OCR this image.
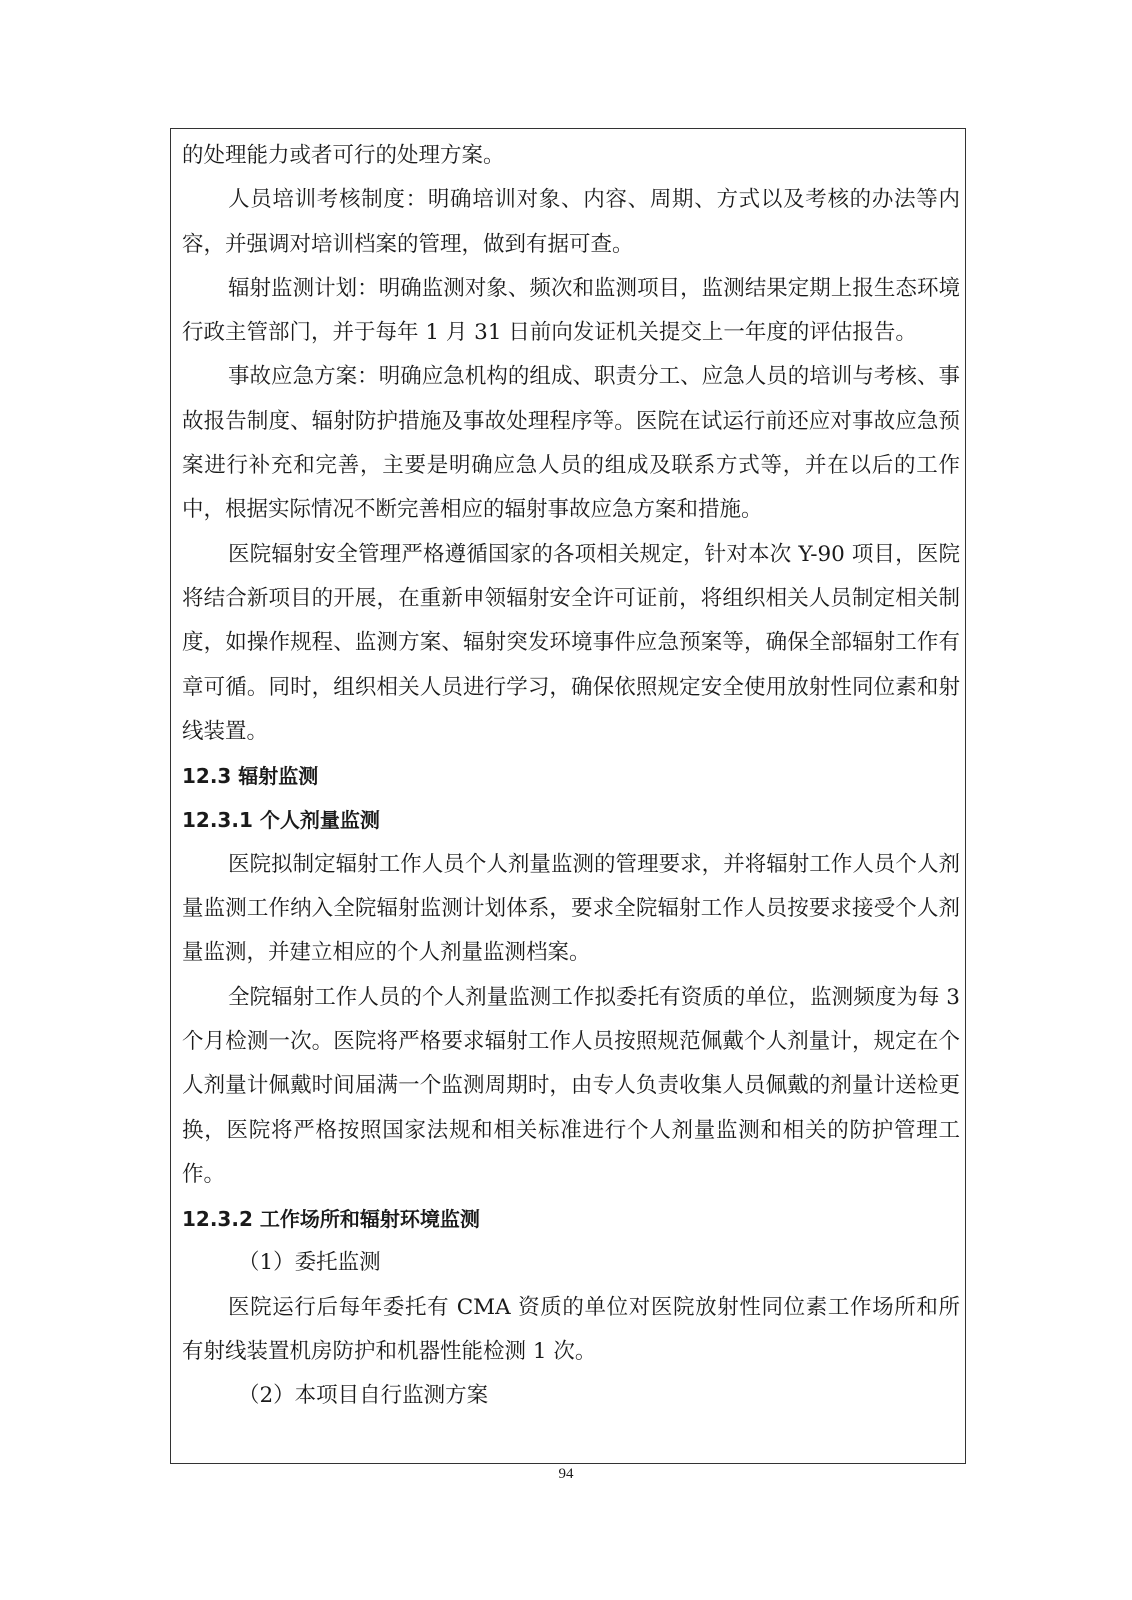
的处理能力或者可行的处理方案。

人员培训考核制度：明确培训对象、内容、周期、方式以及考核的办法等内容，并强调对培训档案的管理，做到有据可查。

辐射监测计划：明确监测对象、频次和监测项目，监测结果定期上报生态环境行政主管部门，并于每年 1 月 31 日前向发证机关提交上一年度的评估报告。

事故应急方案：明确应急机构的组成、职责分工、应急人员的培训与考核、事故报告制度、辐射防护措施及事故处理程序等。医院在试运行前还应对事故应急预案进行补充和完善，主要是明确应急人员的组成及联系方式等，并在以后的工作中，根据实际情况不断完善相应的辐射事故应急方案和措施。

医院辐射安全管理严格遵循国家的各项相关规定，针对本次 Y-90 项目，医院将结合新项目的开展，在重新申领辐射安全许可证前，将组织相关人员制定相关制度，如操作规程、监测方案、辐射突发环境事件应急预案等，确保全部辐射工作有章可循。同时，组织相关人员进行学习，确保依照规定安全使用放射性同位素和射线装置。

12.3 辐射监测

12.3.1 个人剂量监测

医院拟制定辐射工作人员个人剂量监测的管理要求，并将辐射工作人员个人剂量监测工作纳入全院辐射监测计划体系，要求全院辐射工作人员按要求接受个人剂量监测，并建立相应的个人剂量监测档案。

全院辐射工作人员的个人剂量监测工作拟委托有资质的单位，监测频度为每 3 个月检测一次。医院将严格要求辐射工作人员按照规范佩戴个人剂量计，规定在个人剂量计佩戴时间届满一个监测周期时，由专人负责收集人员佩戴的剂量计送检更换，医院将严格按照国家法规和相关标准进行个人剂量监测和相关的防护管理工作。

12.3.2 工作场所和辐射环境监测

（1）委托监测

医院运行后每年委托有 CMA 资质的单位对医院放射性同位素工作场所和所有射线装置机房防护和机器性能检测 1 次。

（2）本项目自行监测方案

94
